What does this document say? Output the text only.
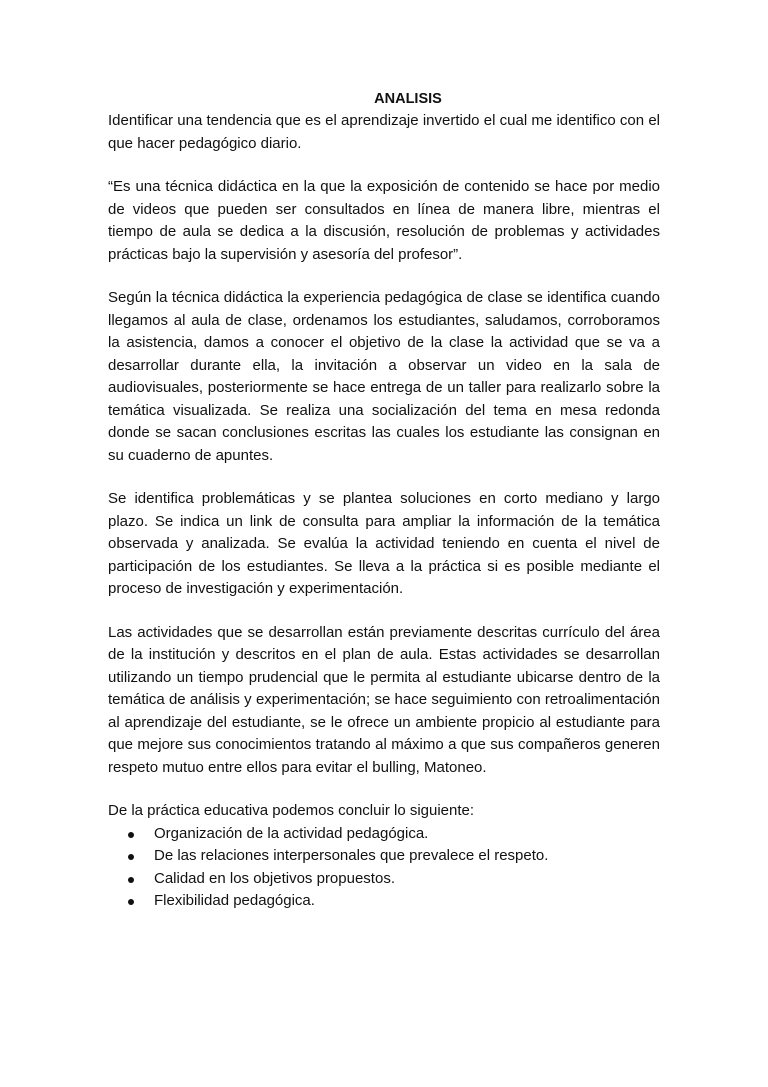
ANALISIS

Identificar una tendencia que es el aprendizaje invertido el cual me identifico con el que hacer pedagógico diario.

“Es una técnica didáctica en la que la exposición de contenido se hace por medio de videos que pueden ser consultados en línea de manera libre, mientras el tiempo de aula se dedica a la discusión, resolución de problemas y actividades prácticas bajo la supervisión y asesoría del profesor”.

Según la técnica didáctica la experiencia pedagógica de clase se identifica cuando llegamos al aula de clase, ordenamos los estudiantes, saludamos, corroboramos la asistencia, damos a conocer el objetivo de la clase la actividad que se va a desarrollar durante ella, la invitación a observar un video en la sala de audiovisuales, posteriormente se hace entrega de un taller para realizarlo sobre la temática visualizada. Se realiza una socialización del tema en mesa redonda donde se sacan conclusiones escritas las cuales los estudiante las consignan en su cuaderno de apuntes.

Se identifica problemáticas y se plantea soluciones en corto mediano y largo plazo. Se indica un link de consulta para ampliar la información de la temática observada y analizada. Se evalúa la actividad teniendo en cuenta el nivel de participación de los estudiantes. Se lleva a la práctica si es posible mediante el proceso de investigación y experimentación.

Las actividades que se desarrollan están previamente descritas currículo del área de la institución y descritos en el plan de aula. Estas actividades se desarrollan utilizando un tiempo prudencial que le permita al estudiante ubicarse dentro de la temática de análisis y experimentación; se hace seguimiento con retroalimentación al aprendizaje del estudiante, se le ofrece un ambiente propicio al estudiante para que mejore sus conocimientos tratando al máximo a que sus compañeros generen respeto mutuo entre ellos para evitar el bulling, Matoneo.

De la práctica educativa podemos concluir lo siguiente:

Organización de la actividad pedagógica.
De las relaciones interpersonales que prevalece el respeto.
Calidad en los objetivos propuestos.
Flexibilidad pedagógica.
